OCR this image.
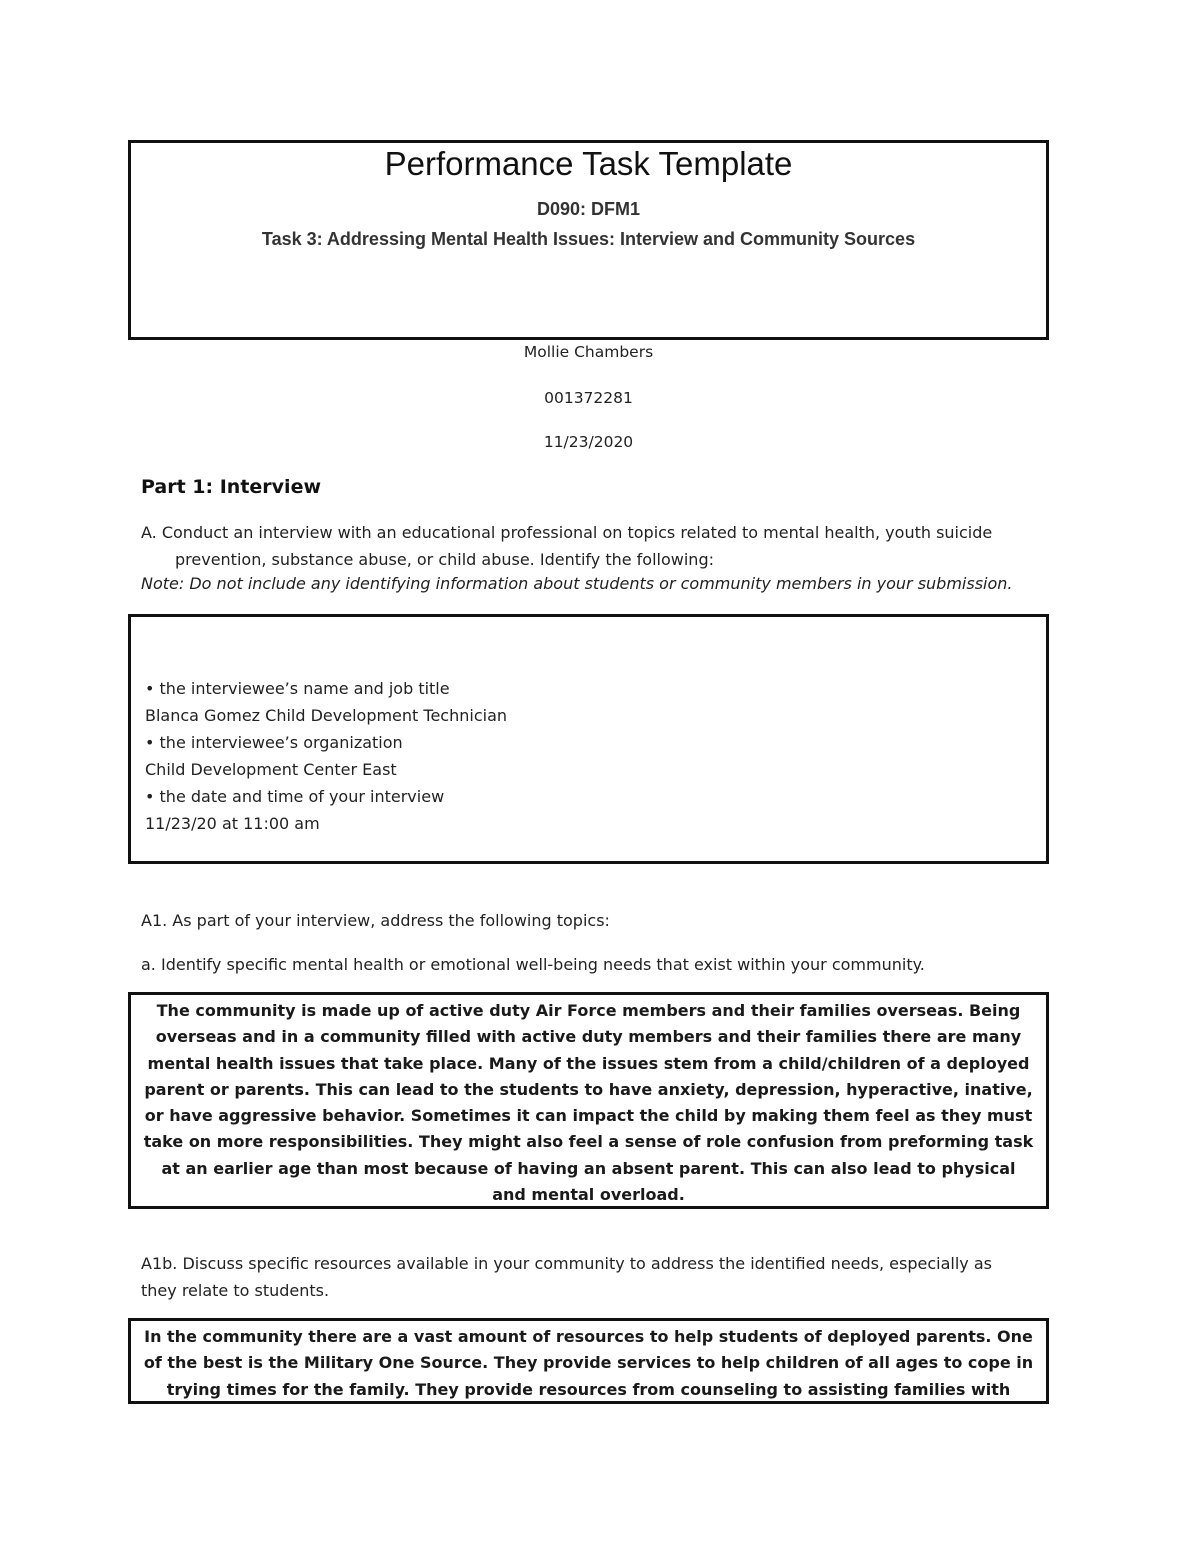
Performance Task Template
D090: DFM1
Task 3: Addressing Mental Health Issues: Interview and Community Sources
Mollie Chambers
001372281
11/23/2020
Part 1: Interview
A. Conduct an interview with an educational professional on topics related to mental health, youth suicide
prevention, substance abuse, or child abuse. Identify the following:
Note: Do not include any identifying information about students or community members in your submission.
• the interviewee’s name and job title
Blanca Gomez Child Development Technician
• the interviewee’s organization
Child Development Center East
• the date and time of your interview
11/23/20 at 11:00 am
A1. As part of your interview, address the following topics:
a. Identify specific mental health or emotional well-being needs that exist within your community.
The community is made up of active duty Air Force members and their families overseas. Being overseas and in a community filled with active duty members and their families there are many mental health issues that take place. Many of the issues stem from a child/children of a deployed parent or parents. This can lead to the students to have anxiety, depression, hyperactive, inative, or have aggressive behavior. Sometimes it can impact the child by making them feel as they must take on more responsibilities. They might also feel a sense of role confusion from preforming task at an earlier age than most because of having an absent parent. This can also lead to physical and mental overload.
A1b. Discuss specific resources available in your community to address the identified needs, especially as
they relate to students.
In the community there are a vast amount of resources to help students of deployed parents. One of the best is the Military One Source. They provide services to help children of all ages to cope in trying times for the family. They provide resources from counseling to assisting families with
